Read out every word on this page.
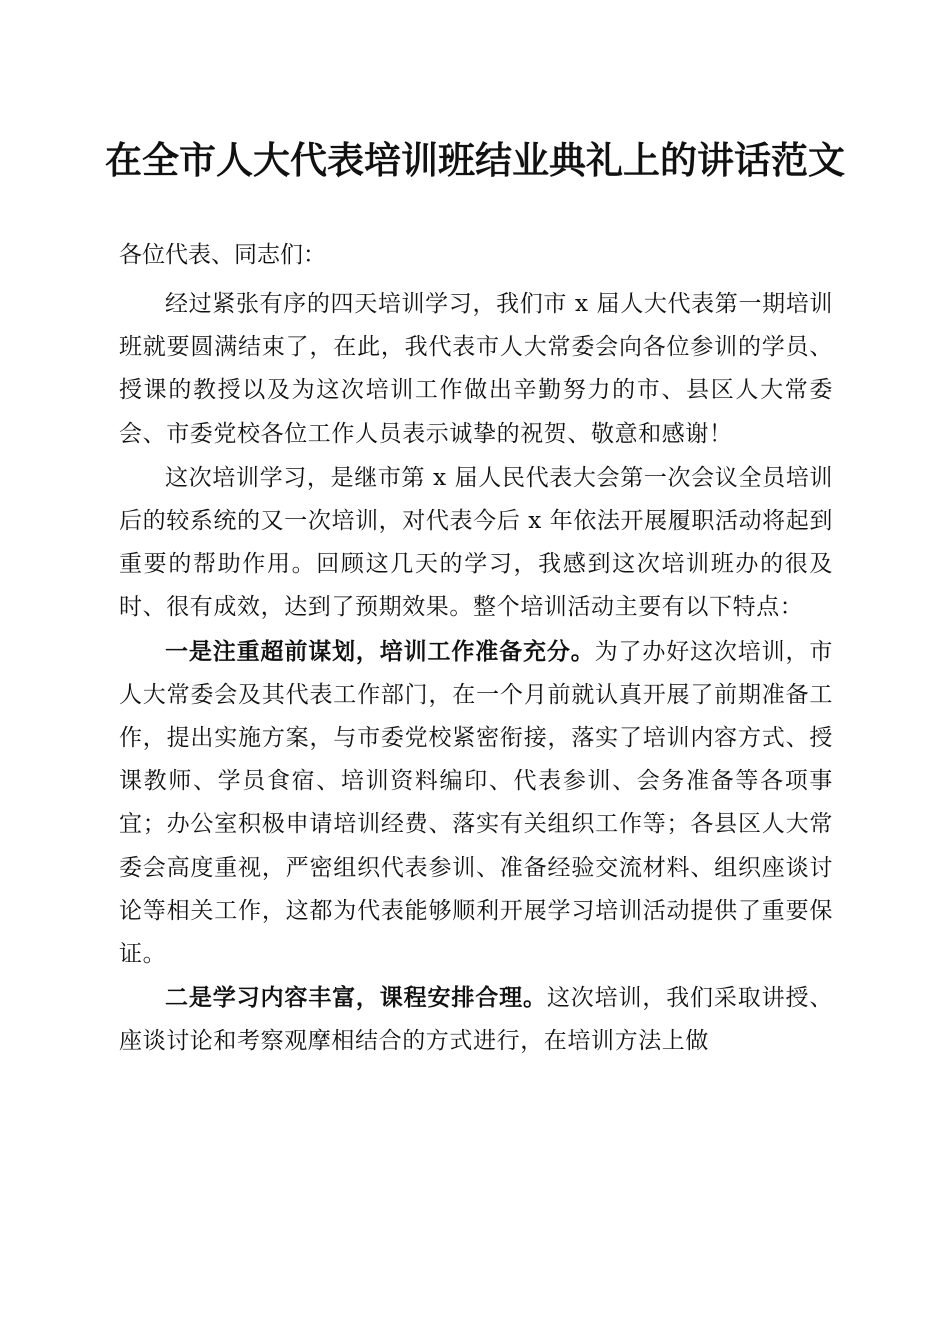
在全市人大代表培训班结业典礼上的讲话范文
各位代表、同志们：

经过紧张有序的四天培训学习，我们市 x 届人大代表第一期培训班就要圆满结束了，在此，我代表市人大常委会向各位参训的学员、授课的教授以及为这次培训工作做出辛勤努力的市、县区人大常委会、市委党校各位工作人员表示诚挚的祝贺、敬意和感谢！

这次培训学习，是继市第 x 届人民代表大会第一次会议全员培训后的较系统的又一次培训，对代表今后 x 年依法开展履职活动将起到重要的帮助作用。回顾这几天的学习，我感到这次培训班办的很及时、很有成效，达到了预期效果。整个培训活动主要有以下特点：

一是注重超前谋划，培训工作准备充分。为了办好这次培训，市人大常委会及其代表工作部门，在一个月前就认真开展了前期准备工作，提出实施方案，与市委党校紧密衔接，落实了培训内容方式、授课教师、学员食宿、培训资料编印、代表参训、会务准备等各项事宜；办公室积极申请培训经费、落实有关组织工作等；各县区人大常委会高度重视，严密组织代表参训、准备经验交流材料、组织座谈讨论等相关工作，这都为代表能够顺利开展学习培训活动提供了重要保证。

二是学习内容丰富，课程安排合理。这次培训，我们采取讲授、座谈讨论和考察观摩相结合的方式进行，在培训方法上做
